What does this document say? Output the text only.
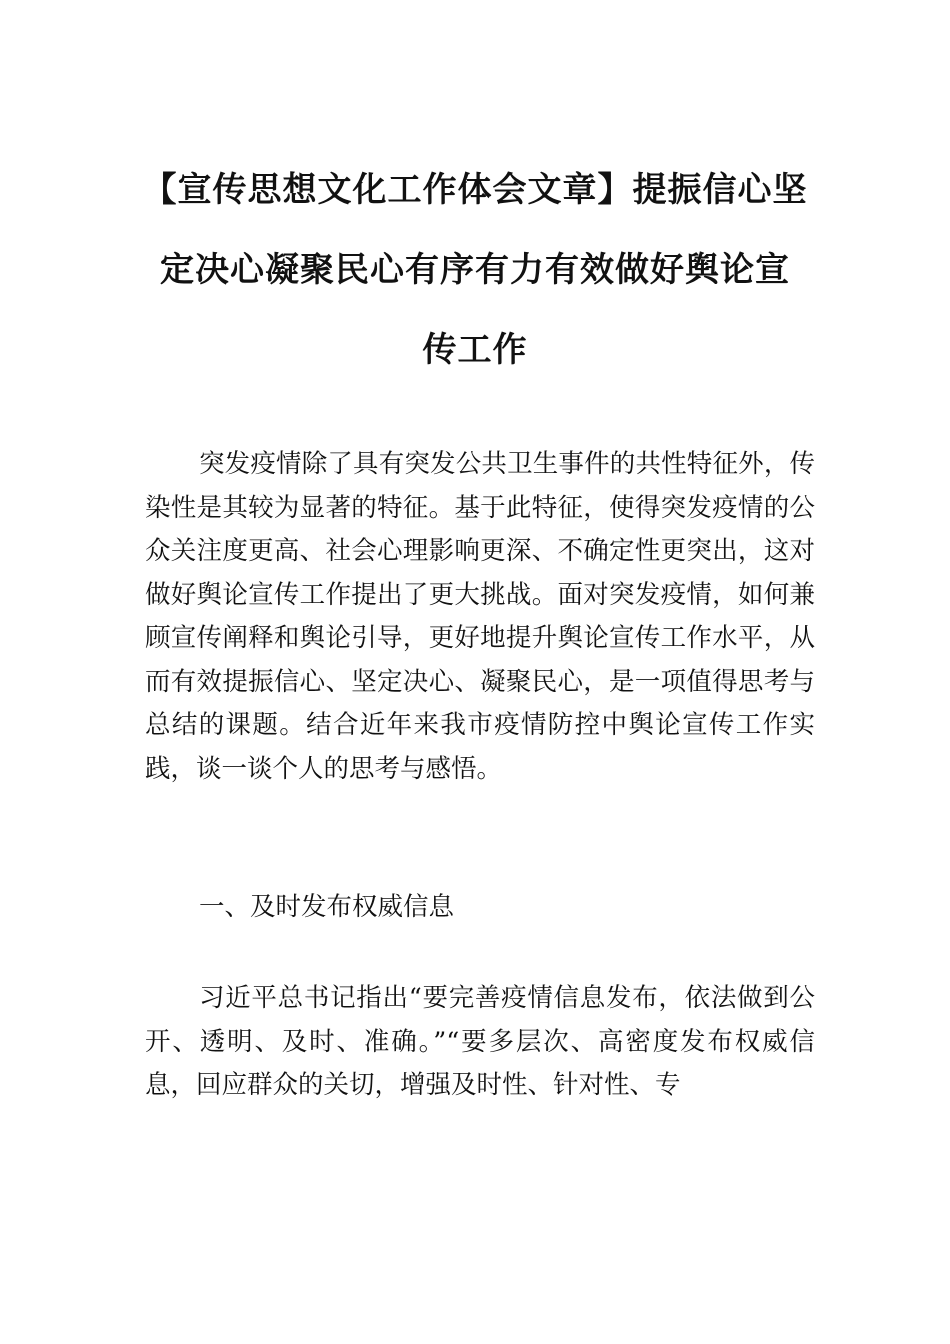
【宣传思想文化工作体会文章】提振信心坚
定决心凝聚民心有序有力有效做好舆论宣
传工作

突发疫情除了具有突发公共卫生事件的共性特征外，传染性是其较为显著的特征。基于此特征，使得突发疫情的公众关注度更高、社会心理影响更深、不确定性更突出，这对做好舆论宣传工作提出了更大挑战。面对突发疫情，如何兼顾宣传阐释和舆论引导，更好地提升舆论宣传工作水平，从而有效提振信心、坚定决心、凝聚民心，是一项值得思考与总结的课题。结合近年来我市疫情防控中舆论宣传工作实践，谈一谈个人的思考与感悟。

一、及时发布权威信息

习近平总书记指出“要完善疫情信息发布，依法做到公开、透明、及时、准确。”“要多层次、高密度发布权威信息，回应群众的关切，增强及时性、针对性、专
